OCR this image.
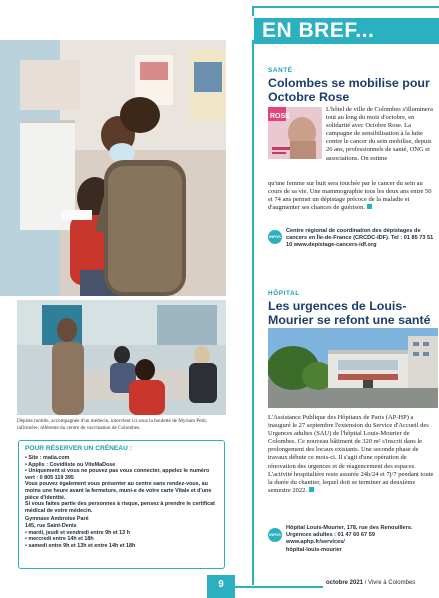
Dépiste mobile, accompagnée d'un médecin, intervient ici sous la houlette de Myriam Petit, infirmière, référente du centre de vaccination de Colombes.
POUR RÉSERVER UN CRÉNEAU :
• Site : maiia.com
• Applis : Covidliste ou ViteMaDose
• Uniquement si vous ne pouvez pas vous connecter, appelez le numéro vert : 0 805 119 395
Vous pouvez également vous présenter au centre sans rendez-vous, au moins une heure avant la fermeture, muni-e de votre carte Vitale et d'une pièce d'identité.
Si vous faites partie des personnes à risque, pensez à prendre le certificat médical de votre médecin.
Gymnase Ambroise Paré
145, rue Saint-Denis
• mardi, jeudi et vendredi entre 9h et 13 h
• mercredi entre 14h et 18h
• samedi entre 9h et 13h et entre 14h et 18h
EN BREF...
SANTÉ
Colombes se mobilise pour Octobre Rose
ROSE
L'hôtel de ville de Colombes s'illuminera tout au long du mois d'octobre, en solidarité avec Octobre Rose. La campagne de sensibilisation à la lutte contre le cancer du sein mobilise, depuis 26 ans, professionnels de santé, ONG et associations. On estime
qu'une femme sur huit sera touchée par le cancer du sein au cours de sa vie. Une mammographie tous les deux ans entre 50 et 74 ans permet un dépistage précoce de la maladie et d'augmenter ses chances de guérison.
INFOS
Centre régional de coordination des dépistages de cancers en Île-de-France (CRCDC-IDF). Tel : 01 85 73 51 10 www.depistage-cancers-idf.org
HÔPITAL
Les urgences de Louis-Mourier se refont une santé
L'Assistance Publique des Hôpitaux de Paris (AP-HP) a inauguré le 27 septembre l'extension du Service d'Accueil des Urgences adultes (SAU) de l'hôpital Louis-Mourier de Colombes. Ce nouveau bâtiment de 320 m² s'inscrit dans le prolongement des locaux existants. Une seconde phase de travaux débute ce mois-ci. Il s'agit d'une opération de rénovation des urgences et de réagencement des espaces. L'activité hospitalière reste assurée 24h/24 et 7j/7 pendant toute la durée du chantier, lequel doit se terminer au deuxième semestre 2022.
INFOS
Hôpital Louis-Mourier, 178, rue des Renouillers.
Urgences adultes : 01 47 60 67 59
www.aphp.fr/services/
hôpital-louis-mourier
9	octobre 2021 / Vivre à Colombes
